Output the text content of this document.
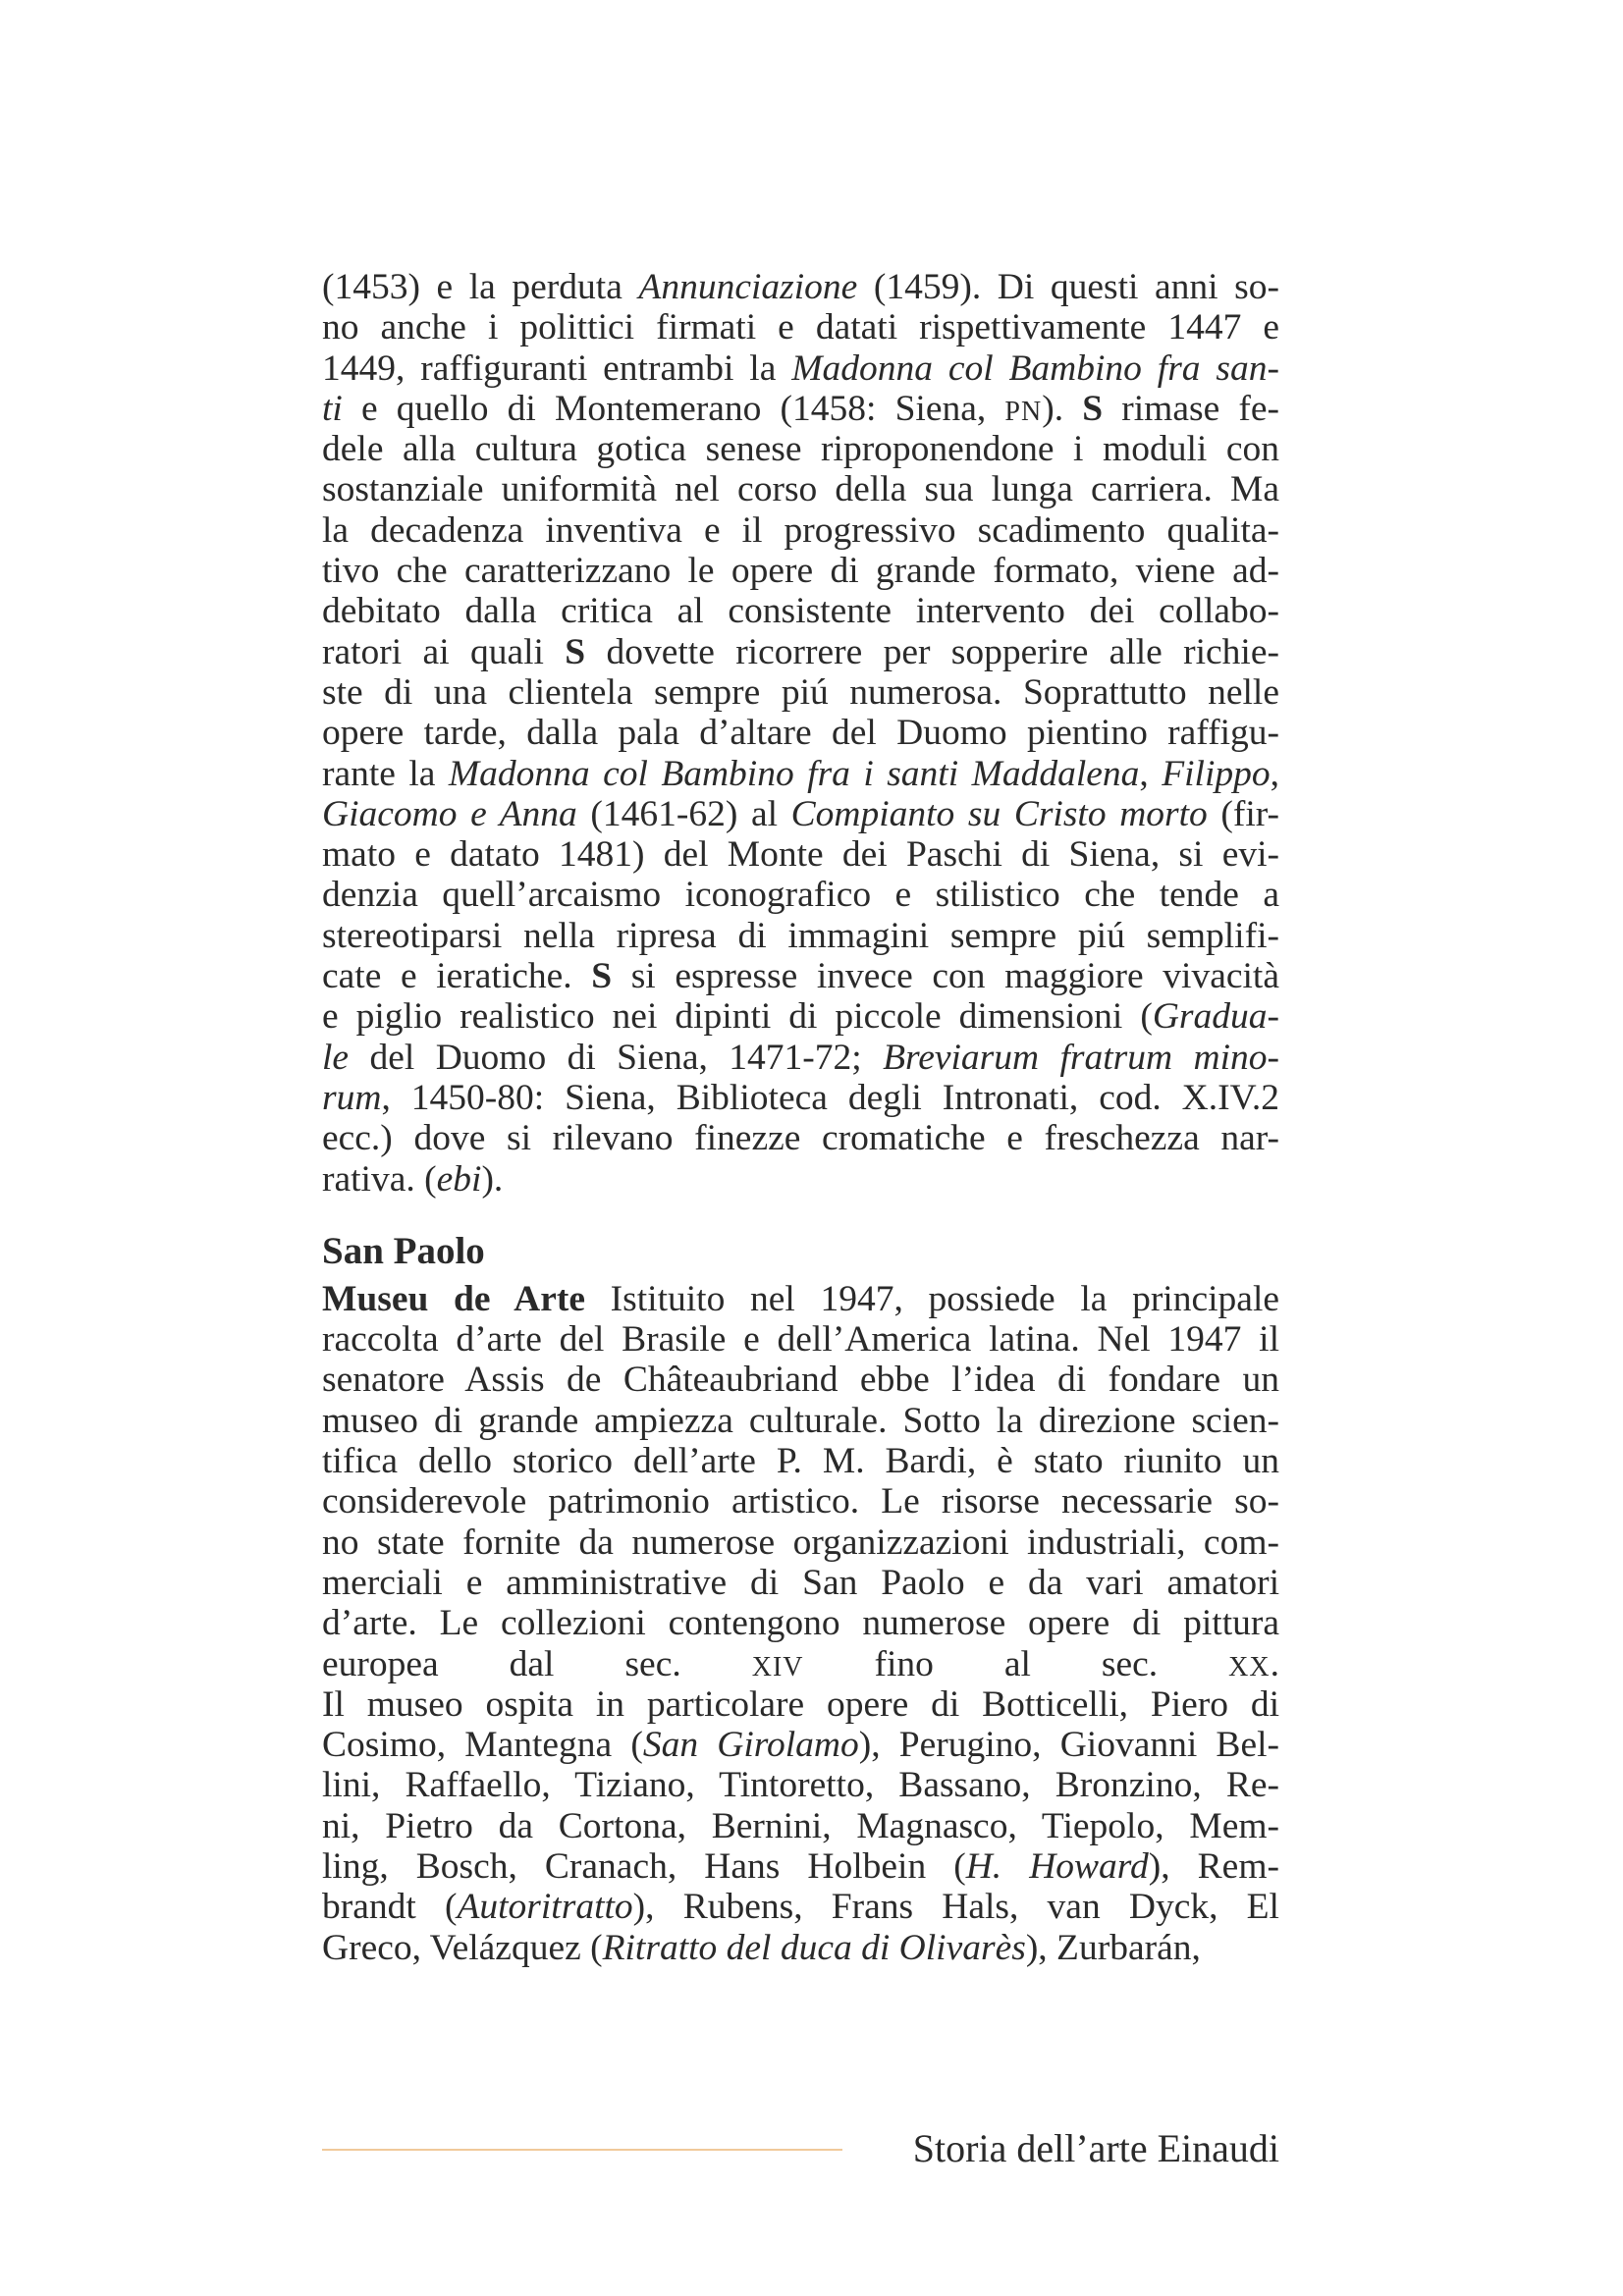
(1453) e la perduta Annunciazione (1459). Di questi anni so-
no anche i polittici firmati e datati rispettivamente 1447 e
1449, raffiguranti entrambi la Madonna col Bambino fra san-
ti e quello di Montemerano (1458: Siena, PN). S rimase fe-
dele alla cultura gotica senese riproponendone i moduli con
sostanziale uniformità nel corso della sua lunga carriera. Ma
la decadenza inventiva e il progressivo scadimento qualita-
tivo che caratterizzano le opere di grande formato, viene ad-
debitato dalla critica al consistente intervento dei collabo-
ratori ai quali S dovette ricorrere per sopperire alle richie-
ste di una clientela sempre piú numerosa. Soprattutto nelle
opere tarde, dalla pala d’altare del Duomo pientino raffigu-
rante la Madonna col Bambino fra i santi Maddalena, Filippo,
Giacomo e Anna (1461-62) al Compianto su Cristo morto (fir-
mato e datato 1481) del Monte dei Paschi di Siena, si evi-
denzia quell’arcaismo iconografico e stilistico che tende a
stereotiparsi nella ripresa di immagini sempre piú semplifi-
cate e ieratiche. S si espresse invece con maggiore vivacità
e piglio realistico nei dipinti di piccole dimensioni (Gradua-
le del Duomo di Siena, 1471-72; Breviarum fratrum mino-
rum, 1450-80: Siena, Biblioteca degli Intronati, cod. X.IV.2
ecc.) dove si rilevano finezze cromatiche e freschezza nar-
rativa. (ebi).
San Paolo
Museu de Arte Istituito nel 1947, possiede la principale
raccolta d’arte del Brasile e dell’America latina. Nel 1947 il
senatore Assis de Châteaubriand ebbe l’idea di fondare un
museo di grande ampiezza culturale. Sotto la direzione scien-
tifica dello storico dell’arte P. M. Bardi, è stato riunito un
considerevole patrimonio artistico. Le risorse necessarie so-
no state fornite da numerose organizzazioni industriali, com-
merciali e amministrative di San Paolo e da vari amatori
d’arte. Le collezioni contengono numerose opere di pittura
europea dal sec. XIV fino al sec. XX.
Il museo ospita in particolare opere di Botticelli, Piero di
Cosimo, Mantegna (San Girolamo), Perugino, Giovanni Bel-
lini, Raffaello, Tiziano, Tintoretto, Bassano, Bronzino, Re-
ni, Pietro da Cortona, Bernini, Magnasco, Tiepolo, Mem-
ling, Bosch, Cranach, Hans Holbein (H. Howard), Rem-
brandt (Autoritratto), Rubens, Frans Hals, van Dyck, El
Greco, Velázquez (Ritratto del duca di Olivarès), Zurbarán,
Storia dell’arte Einaudi
